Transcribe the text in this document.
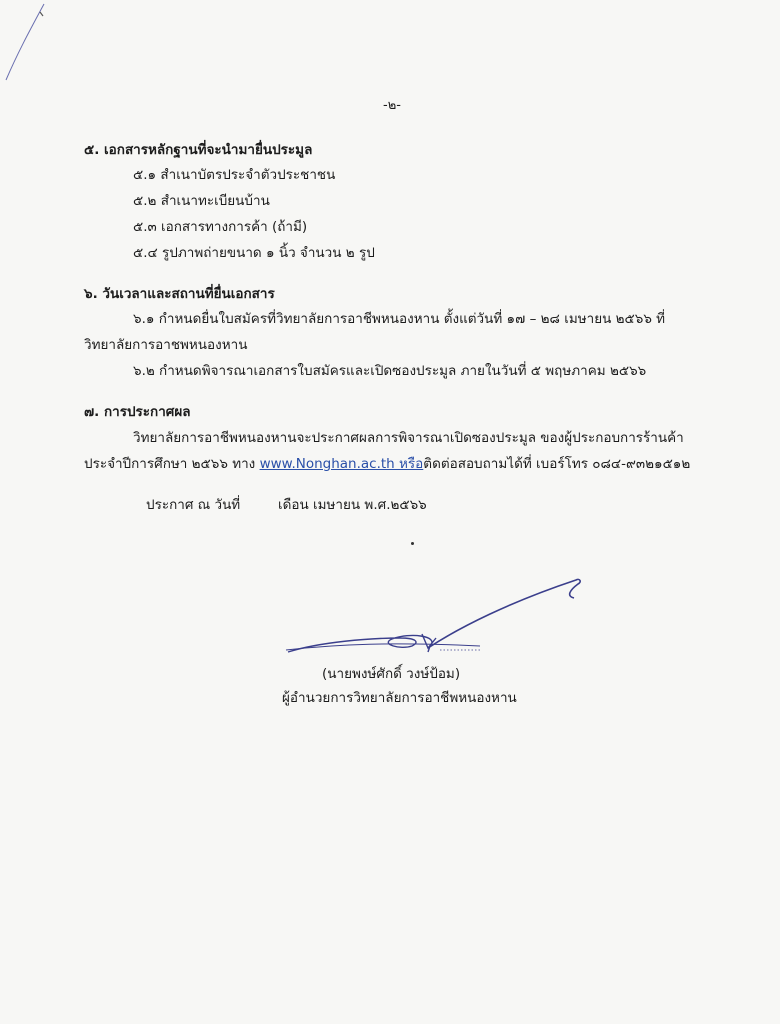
-๒-
๕. เอกสารหลักฐานที่จะนำมายื่นประมูล
๕.๑ สำเนาบัตรประจำตัวประชาชน
๕.๒ สำเนาทะเบียนบ้าน
๕.๓ เอกสารทางการค้า (ถ้ามี)
๕.๔ รูปภาพถ่ายขนาด ๑ นิ้ว จำนวน ๒ รูป
๖. วันเวลาและสถานที่ยื่นเอกสาร
๖.๑ กำหนดยื่นใบสมัครที่วิทยาลัยการอาชีพหนองหาน ตั้งแต่วันที่ ๑๗ – ๒๘ เมษายน ๒๕๖๖ ที่
วิทยาลัยการอาชพหนองหาน
๖.๒ กำหนดพิจารณาเอกสารใบสมัครและเปิดซองประมูล ภายในวันที่ ๕ พฤษภาคม ๒๕๖๖
๗. การประกาศผล
วิทยาลัยการอาชีพหนองหานจะประกาศผลการพิจารณาเปิดซองประมูล ของผู้ประกอบการร้านค้า
ประจำปีการศึกษา ๒๕๖๖ ทาง www.Nonghan.ac.th หรือติดต่อสอบถามได้ที่ เบอร์โทร ๐๘๔-๙๓๒๑๕๑๒
ประกาศ ณ วันที่	เดือน เมษายน พ.ศ.๒๕๖๖
(นายพงษ์ศักดิ์ วงษ์ป้อม)
ผู้อำนวยการวิทยาลัยการอาชีพหนองหาน
